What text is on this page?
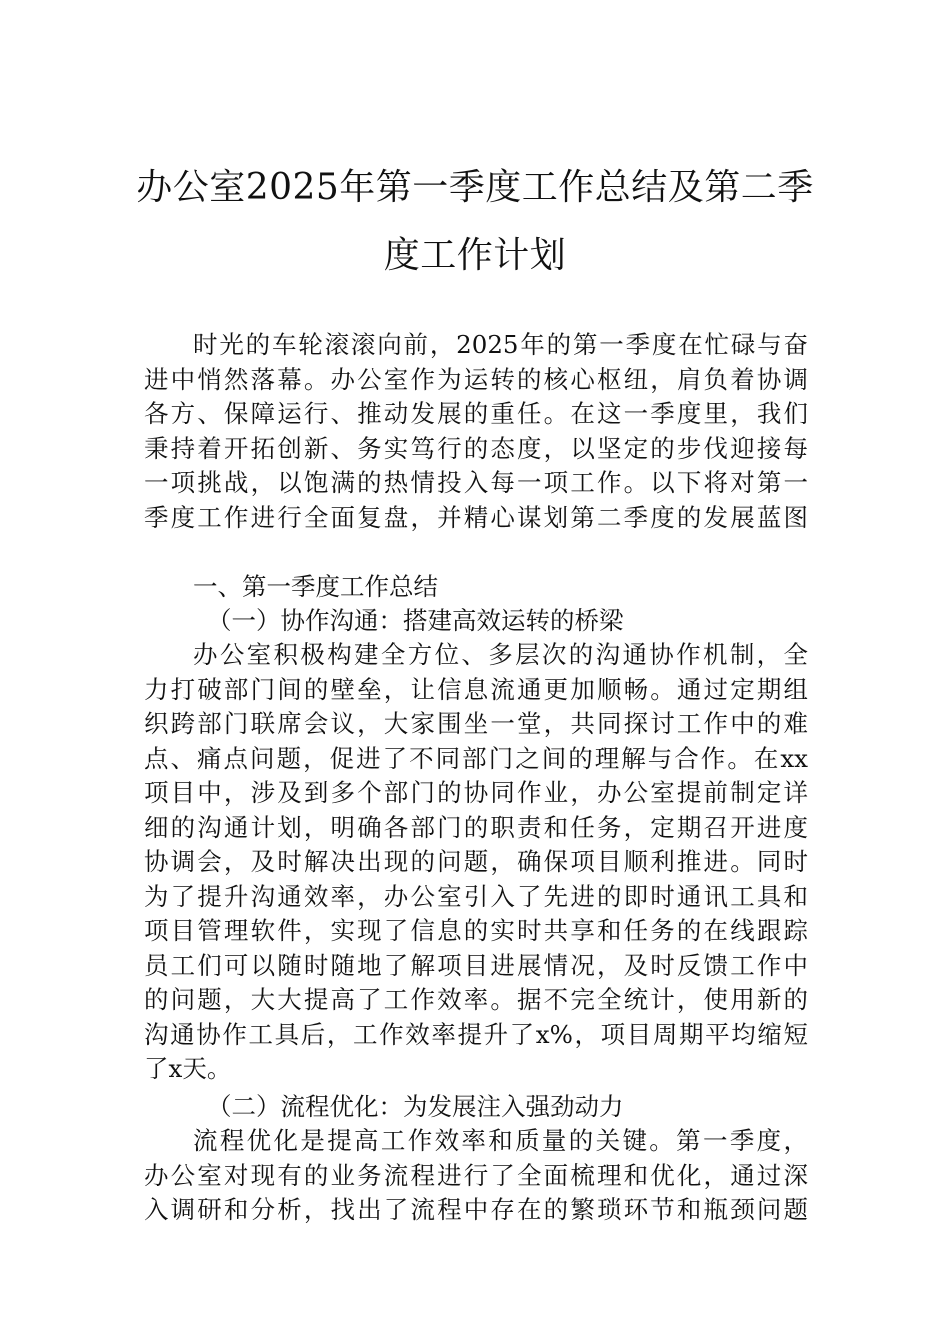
办公室2025年第一季度工作总结及第二季
度工作计划
时光的车轮滚滚向前，2025年的第一季度在忙碌与奋
进中悄然落幕。办公室作为运转的核心枢纽，肩负着协调
各方、保障运行、推动发展的重任。在这一季度里，我们
秉持着开拓创新、务实笃行的态度，以坚定的步伐迎接每
一项挑战，以饱满的热情投入每一项工作。以下将对第一
季度工作进行全面复盘，并精心谋划第二季度的发展蓝图
一、第一季度工作总结
（一）协作沟通：搭建高效运转的桥梁
办公室积极构建全方位、多层次的沟通协作机制，全
力打破部门间的壁垒，让信息流通更加顺畅。通过定期组
织跨部门联席会议，大家围坐一堂，共同探讨工作中的难
点、痛点问题，促进了不同部门之间的理解与合作。在xx
项目中，涉及到多个部门的协同作业，办公室提前制定详
细的沟通计划，明确各部门的职责和任务，定期召开进度
协调会，及时解决出现的问题，确保项目顺利推进。同时
为了提升沟通效率，办公室引入了先进的即时通讯工具和
项目管理软件，实现了信息的实时共享和任务的在线跟踪
员工们可以随时随地了解项目进展情况，及时反馈工作中
的问题，大大提高了工作效率。据不完全统计，使用新的
沟通协作工具后，工作效率提升了x%，项目周期平均缩短
了x天。
（二）流程优化：为发展注入强劲动力
流程优化是提高工作效率和质量的关键。第一季度，
办公室对现有的业务流程进行了全面梳理和优化，通过深
入调研和分析，找出了流程中存在的繁琐环节和瓶颈问题
